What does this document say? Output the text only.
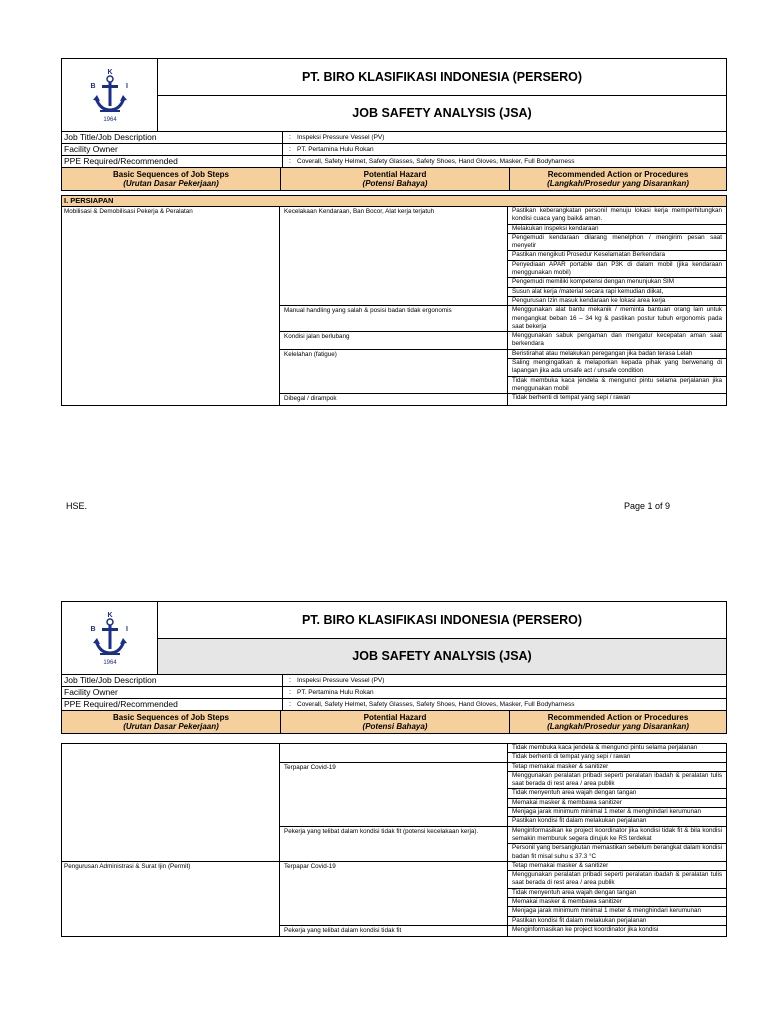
K
B	I
1964
PT. BIRO KLASIFIKASI INDONESIA (PERSERO)
JOB SAFETY ANALYSIS (JSA)
Job Title/Job Description	: Inspeksi Pressure Vessel (PV)
Facility Owner	: PT. Pertamina Hulu Rokan
PPE Required/Recommended	: Coverall, Safety Helmet, Safety Glasses, Safety Shoes, Hand Gloves, Masker, Full Bodyharness
Basic Sequences of Job Steps
(Urutan Dasar Pekerjaan)
Potential Hazard
(Potensi Bahaya)
Recommended Action or Procedures
(Langkah/Prosedur yang Disarankan)
I. PERSIAPAN
Mobilisasi & Demobilisasi Pekerja & Peralatan	Kecelakaan Kendaraan, Ban Bocor, Alat kerja terjatuh	Pastikan keberangkatan personil menuju lokasi kerja memperhitungkan kondisi cuaca yang baik& aman.
Melakukan inspeksi kendaraan
Pengemudi kendaraan dilarang menelphon / mengirim pesan saat menyetir
Pastikan mengikuti Prosedur Keselamatan Berkendara
Penyediaan APAR portable dan P3K di dalam mobil (jika kendaraan menggunakan mobil)
Pengemudi memiliki kompetensi dengan menunjukan SIM
Susun alat kerja /material secara rapi kemudian diikat,
Pengurusan Izin masuk kendaraan ke lokasi area kerja
Manual handling yang salah & posisi badan tidak ergonomis	Menggunakan alat bantu mekanik / meminta bantuan orang lain untuk mengangkat beban 16 – 34 kg & pastikan postur tubuh ergonomis pada saat bekerja
Kondisi jalan berlubang	Menggunakan sabuk pengaman dan mengatur kecepatan aman saat berkendara
Kelelahan (fatigue)	Beristirahat atau melakukan peregangan jika badan terasa Lelah
Saling mengingatkan & melaporkan kepada pihak yang berwenang di lapangan jika ada unsafe act / unsafe condition
Tidak membuka kaca jendela & mengunci pintu selama perjalanan jika menggunakan mobil
Dibegal / dirampok	Tidak berhenti di tempat yang sepi / rawan
HSE.	Page 1 of 9
K
B	I
1964
PT. BIRO KLASIFIKASI INDONESIA (PERSERO)
JOB SAFETY ANALYSIS (JSA)
Job Title/Job Description	: Inspeksi Pressure Vessel (PV)
Facility Owner	: PT. Pertamina Hulu Rokan
PPE Required/Recommended	: Coverall, Safety Helmet, Safety Glasses, Safety Shoes, Hand Gloves, Masker, Full Bodyharness
Basic Sequences of Job Steps
(Urutan Dasar Pekerjaan)
Potential Hazard
(Potensi Bahaya)
Recommended Action or Procedures
(Langkah/Prosedur yang Disarankan)
Tidak membuka kaca jendela & mengunci pintu selama perjalanan
Tidak berhenti di tempat yang sepi / rawan
Terpapar Covid-19	Tetap memakai masker & sanitizer
Menggunakan peralatan pribadi seperti peralatan ibadah & peralatan tulis saat berada di rest area / area publik
Tidak menyentuh area wajah dengan tangan
Memakai masker & membawa sanitizer
Menjaga jarak minimum minimal 1 meter & menghindari kerumunan
Pastikan kondisi fit dalam melakukan perjalanan
Pekerja yang telibat dalam kondisi tidak fit (potensi kecelakaan kerja).	Menginformasikan ke project koordinator jika kondisi tidak fit & bila kondisi semakin memburuk segera dirujuk ke RS terdekat
Personil yang bersangkutan memastikan sebelum berangkat dalam kondisi badan fit misal suhu ≤ 37.3 °C
Pengurusan Administrasi & Surat Ijin (Permit)	Terpapar Covid-19	Tetap memakai masker & sanitizer
Menggunakan peralatan pribadi seperti peralatan ibadah & peralatan tulis saat berada di rest area / area publik
Tidak menyentuh area wajah dengan tangan
Memakai masker & membawa sanitizer
Menjaga jarak minimum minimal 1 meter & menghindari kerumunan
Pastikan kondisi fit dalam melakukan perjalanan
Pekerja yang telibat dalam kondisi tidak fit	Menginformasikan ke project koordinator jika kondisi
